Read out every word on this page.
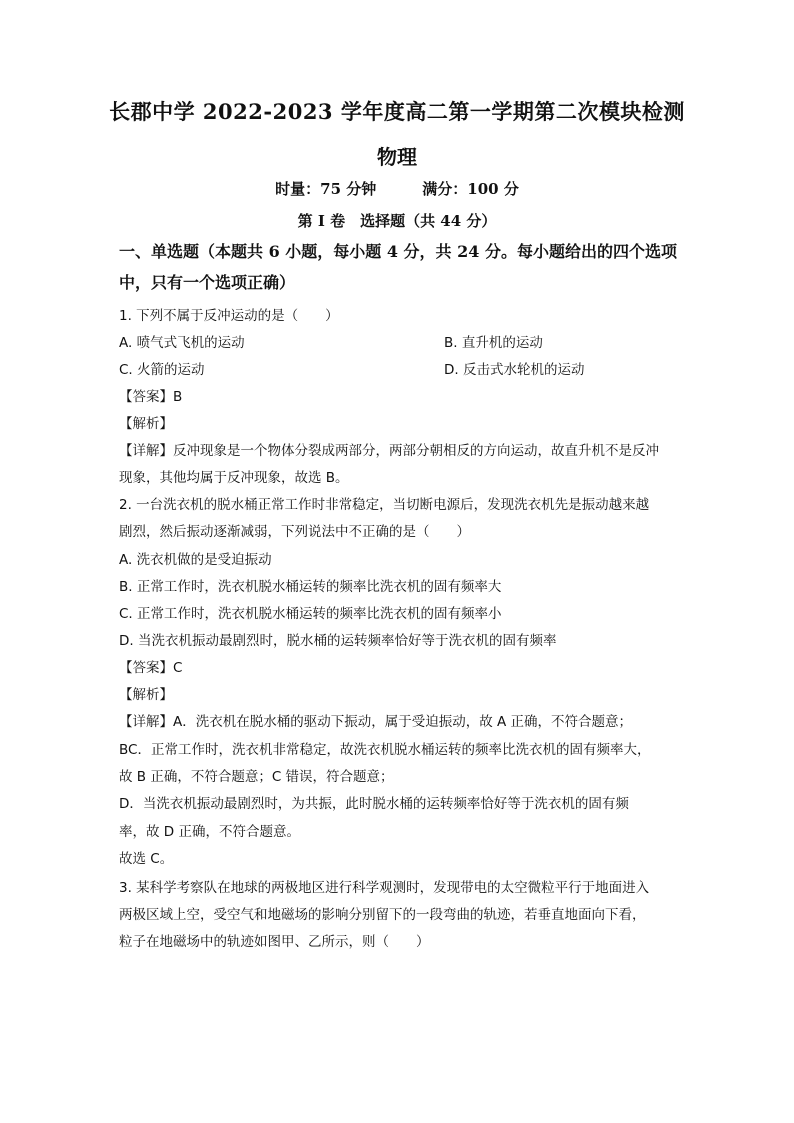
长郡中学 2022-2023 学年度高二第一学期第二次模块检测
物理
时量：75 分钟	满分：100 分
第 I 卷　选择题（共 44 分）
一、单选题（本题共 6 小题，每小题 4 分，共 24 分。每小题给出的四个选项
中，只有一个选项正确）
1. 下列不属于反冲运动的是（　　）
A. 喷气式飞机的运动	B. 直升机的运动
C. 火箭的运动	D. 反击式水轮机的运动
【答案】B
【解析】
【详解】反冲现象是一个物体分裂成两部分，两部分朝相反的方向运动，故直升机不是反冲
现象，其他均属于反冲现象，故选 B。
2. 一台洗衣机的脱水桶正常工作时非常稳定，当切断电源后，发现洗衣机先是振动越来越
剧烈，然后振动逐渐减弱，下列说法中不正确的是（　　）
A. 洗衣机做的是受迫振动
B. 正常工作时，洗衣机脱水桶运转的频率比洗衣机的固有频率大
C. 正常工作时，洗衣机脱水桶运转的频率比洗衣机的固有频率小
D. 当洗衣机振动最剧烈时，脱水桶的运转频率恰好等于洗衣机的固有频率
【答案】C
【解析】
【详解】A．洗衣机在脱水桶的驱动下振动，属于受迫振动，故 A 正确，不符合题意；
BC．正常工作时，洗衣机非常稳定，故洗衣机脱水桶运转的频率比洗衣机的固有频率大，
故 B 正确，不符合题意；C 错误，符合题意；
D．当洗衣机振动最剧烈时，为共振，此时脱水桶的运转频率恰好等于洗衣机的固有频
率，故 D 正确，不符合题意。
故选 C。
3. 某科学考察队在地球的两极地区进行科学观测时，发现带电的太空微粒平行于地面进入
两极区域上空，受空气和地磁场的影响分别留下的一段弯曲的轨迹，若垂直地面向下看，
粒子在地磁场中的轨迹如图甲、乙所示，则（　　）
